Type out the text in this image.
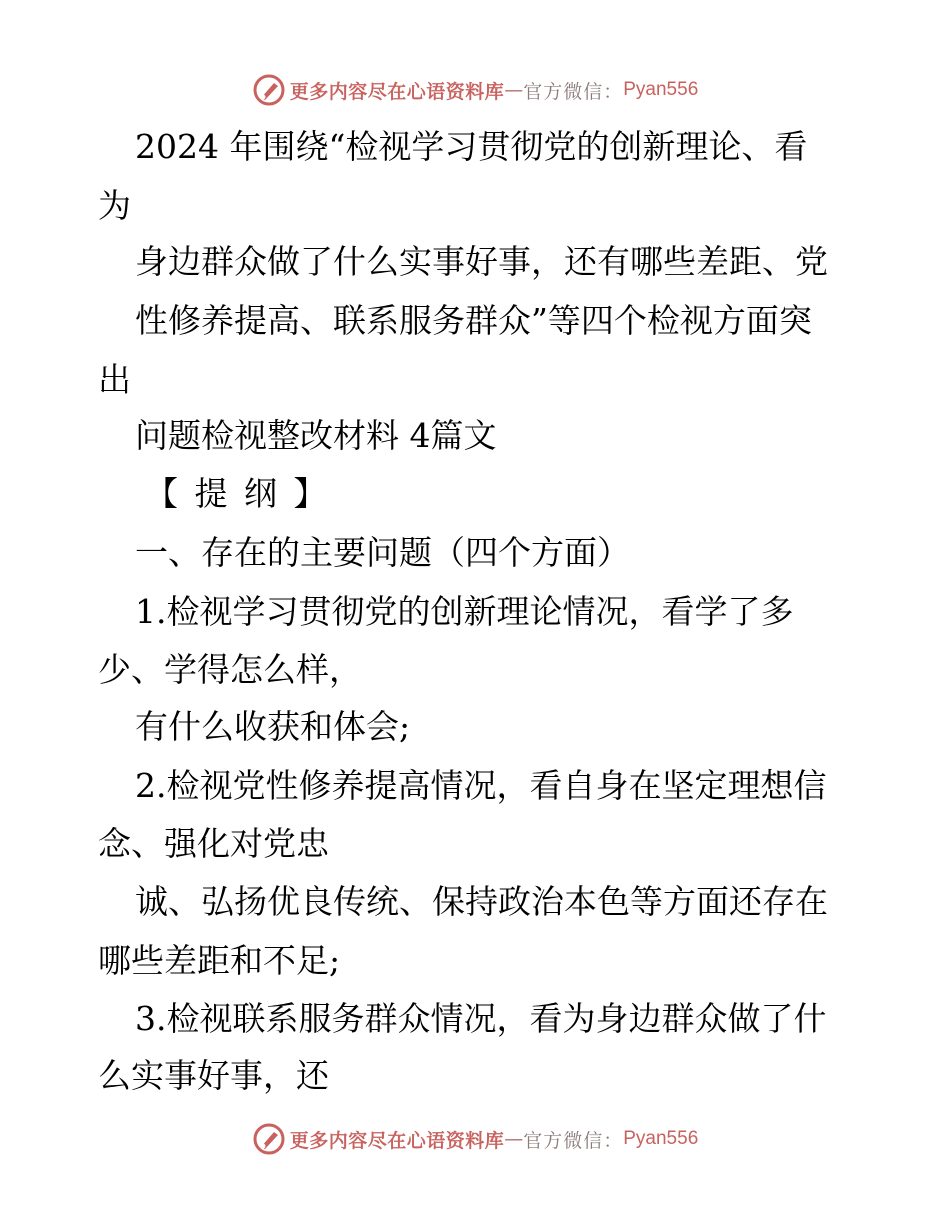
更多内容尽在心语资料库 — 官方微信： Pyan556
2024 年围绕“检视学习贯彻党的创新理论、看
为
身边群众做了什么实事好事，还有哪些差距、党
性修养提高、联系服务群众”等四个检视方面突
出
问题检视整改材料 4篇文
【 提 纲 】
一、存在的主要问题（四个方面）
1.检视学习贯彻党的创新理论情况，看学了多
少、学得怎么样，
有什么收获和体会;
2.检视党性修养提高情况，看自身在坚定理想信
念、强化对党忠
诚、弘扬优良传统、保持政治本色等方面还存在
哪些差距和不足;
3.检视联系服务群众情况，看为身边群众做了什
么实事好事，还
更多内容尽在心语资料库 — 官方微信： Pyan556
